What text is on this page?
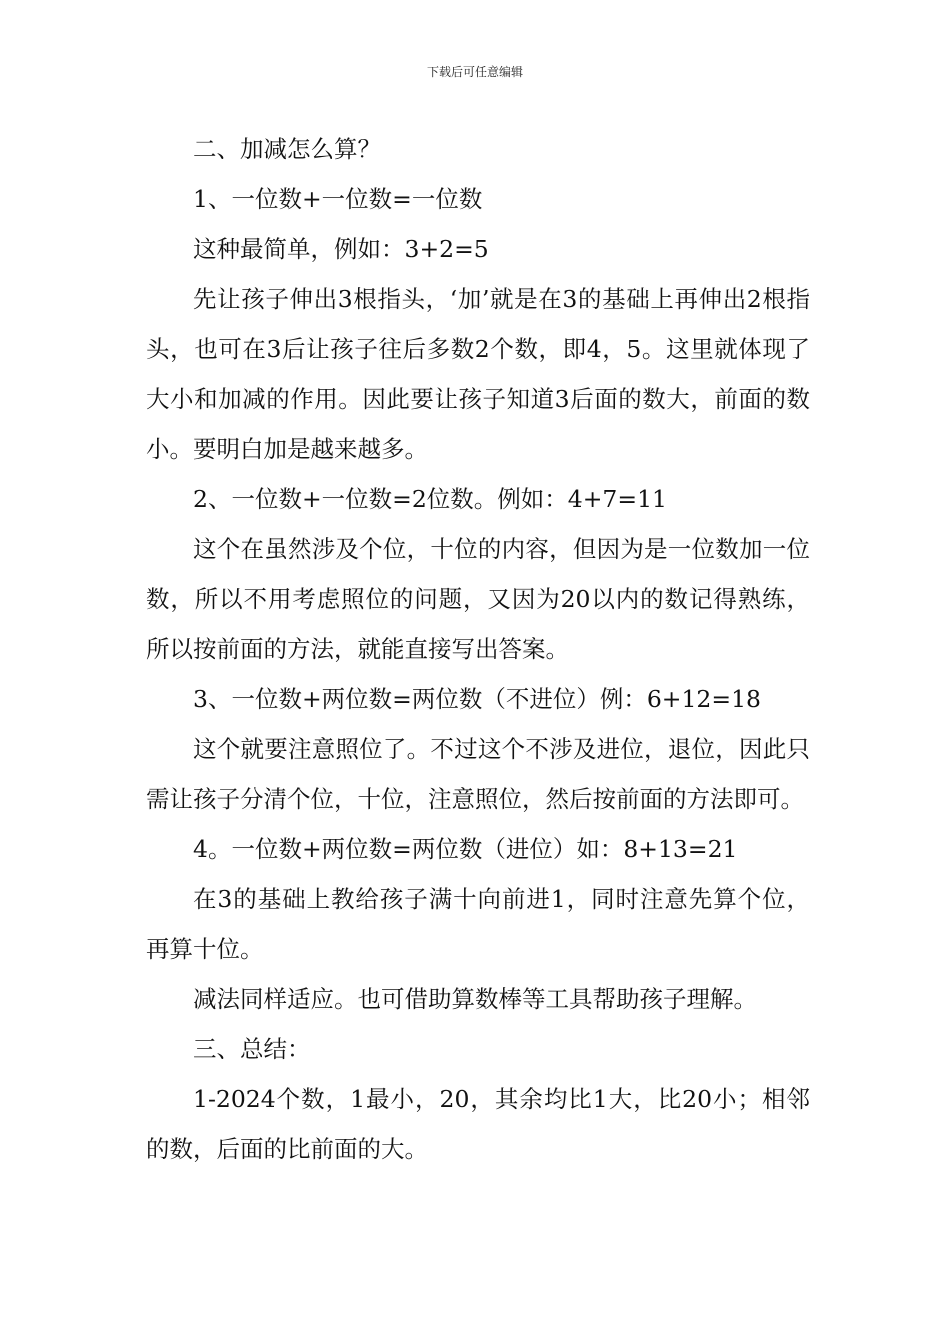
下载后可任意编辑

二、加减怎么算？

1、一位数+一位数=一位数

这种最简单，例如：3+2=5

先让孩子伸出3根指头，‘加’就是在3的基础上再伸出2根指头，也可在3后让孩子往后多数2个数，即4，5。这里就体现了大小和加减的作用。因此要让孩子知道3后面的数大，前面的数小。要明白加是越来越多。

2、一位数+一位数=2位数。例如：4+7=11

这个在虽然涉及个位，十位的内容，但因为是一位数加一位数，所以不用考虑照位的问题，又因为20以内的数记得熟练，所以按前面的方法，就能直接写出答案。

3、一位数+两位数=两位数（不进位）例：6+12=18

这个就要注意照位了。不过这个不涉及进位，退位，因此只需让孩子分清个位，十位，注意照位，然后按前面的方法即可。

4。一位数+两位数=两位数（进位）如：8+13=21

在3的基础上教给孩子满十向前进1，同时注意先算个位，再算十位。

减法同样适应。也可借助算数棒等工具帮助孩子理解。

三、总结：

1-2024个数，1最小，20，其余均比1大，比20小；相邻的数，后面的比前面的大。
